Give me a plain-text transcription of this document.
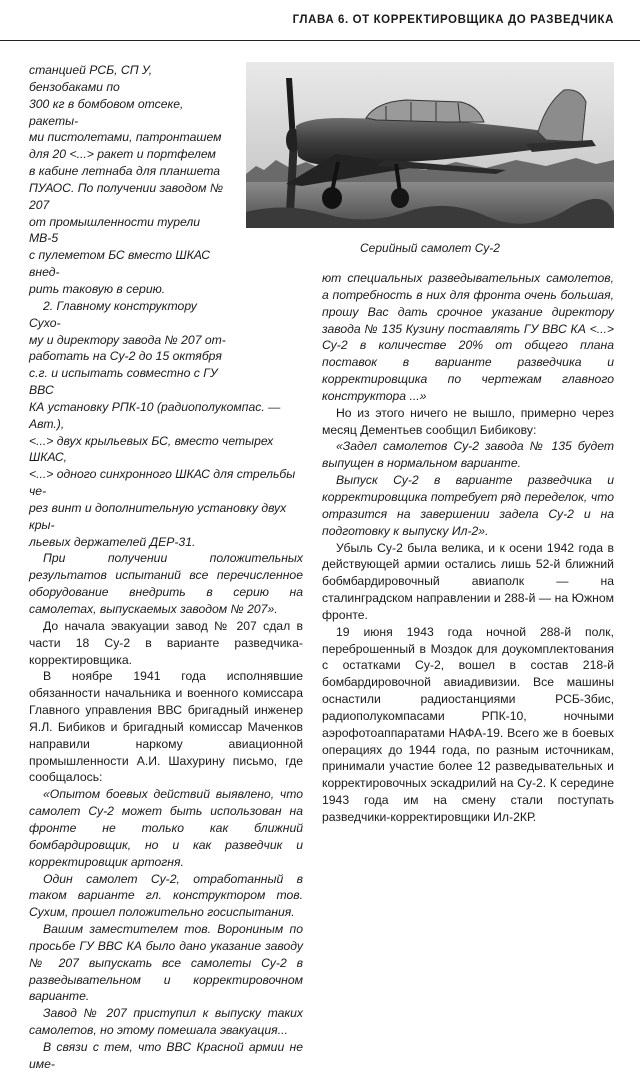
ГЛАВА 6. ОТ КОРРЕКТИРОВЩИКА ДО РАЗВЕДЧИКА
Серийный самолет Су-2

станцией РСБ, СП У, бензобаками по

300 кг в бомбовом отсеке, ракеты-

ми пистолетами, патронташем

для 20 <...> ракет и портфелем

в кабине летнаба для планшета

ПУАОС. По получении заводом № 207

от промышленности турели МВ-5

с пулеметом БС вместо ШКАС внед-

рить таковую в серию.

2. Главному конструктору Сухо-

му и директору завода № 207 от-

работать на Су-2 до 15 октября

с.г. и испытать совместно с ГУ ВВС

КА установку РПК-10 (радиополукомпас. — Авт.),

<...> двух крыльевых БС, вместо четырех ШКАС,

<...> одного синхронного ШКАС для стрельбы че-

рез винт и дополнительную установку двух кры-

льевых держателей ДЕР-31.

При получении положительных результатов испытаний все перечисленное оборудование внедрить в серию на самолетах, выпускаемых заводом № 207».

До начала эвакуации завод № 207 сдал в части 18 Су-2 в варианте разведчика-корректировщика.

В ноябре 1941 года исполнявшие обязанности начальника и военного комиссара Главного управления ВВС бригадный инженер Я.Л. Бибиков и бригадный комиссар Маченков направили наркому авиационной промышленности А.И. Шахурину письмо, где сообщалось:

«Опытом боевых действий выявлено, что самолет Су-2 может быть использован на фронте не только как ближний бомбардировщик, но и как разведчик и корректировщик артогня.

Один самолет Су-2, отработанный в таком варианте гл. конструктором тов. Сухим, прошел положительно госиспытания.

Вашим заместителем тов. Ворониным по просьбе ГУ ВВС КА было дано указание заводу № 207 выпускать все самолеты Су-2 в разведывательном и корректировочном варианте.

Завод № 207 приступил к выпуску таких самолетов, но этому помешала эвакуация...

В связи с тем, что ВВС Красной армии не име-

ют специальных разведывательных самолетов, а потребность в них для фронта очень большая, прошу Вас дать срочное указание директору завода № 135 Кузину поставлять ГУ ВВС КА <...> Су-2 в количестве 20% от общего плана поставок в варианте разведчика и корректировщика по чертежам главного конструктора ...»

Но из этого ничего не вышло, примерно через месяц Дементьев сообщил Бибикову:

«Задел самолетов Су-2 завода № 135 будет выпущен в нормальном варианте.

Выпуск Су-2 в варианте разведчика и корректировщика потребует ряд переделок, что отразится на завершении задела Су-2 и на подготовку к выпуску Ил-2».

Убыль Су-2 была велика, и к осени 1942 года в действующей армии остались лишь 52-й ближний бобмбардировочный авиаполк — на сталинградском направлении и 288-й — на Южном фронте.

19 июня 1943 года ночной 288-й полк, переброшенный в Моздок для доукомплектования с остатками Су-2, вошел в состав 218-й бомбардировочной авиадивизии. Все машины оснастили радиостанциями РСБ-3бис, радиополукомпасами РПК-10, ночными аэрофотоаппаратами НАФА-19. Всего же в боевых операциях до 1944 года, по разным источникам, принимали участие более 12 разведывательных и корректировочных эскадрилий на Су-2. К середине 1943 года им на смену стали поступать разведчики-корректировщики Ил-2КР.
